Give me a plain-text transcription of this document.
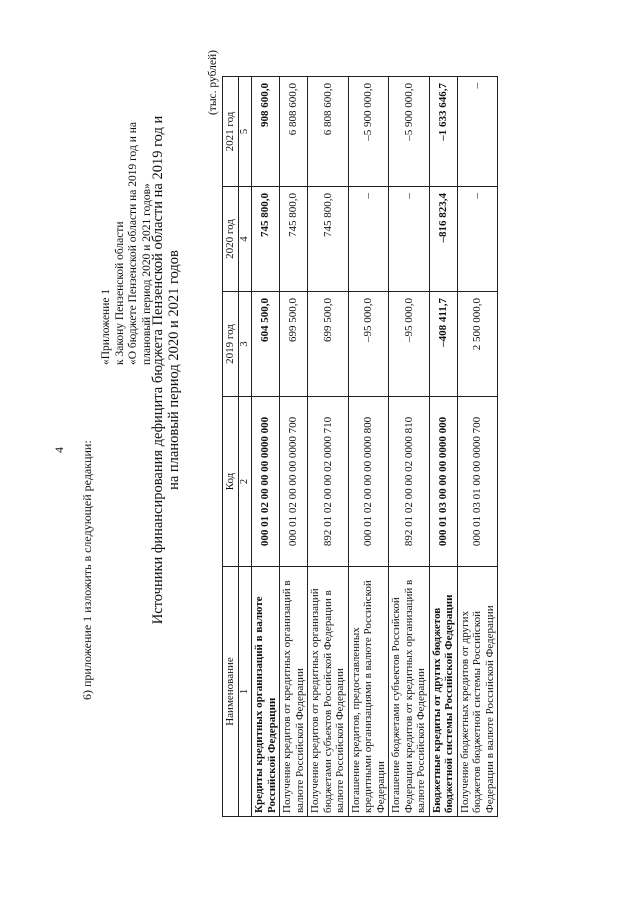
4 6) приложение 1 изложить в следующей редакции:
«Приложение 1 к Закону Пензенской области «О бюджете Пензенской области на 2019 год и на плановый период 2020 и 2021 годов»
Источники финансирования дефицита бюджета Пензенской области на 2019 год и на плановый период 2020 и 2021 годов
(тыс. рублей)
Наименование	Код	2019 год	2020 год	2021 год
1	2	3	4	5
Кредиты кредитных организаций в валюте Российской Федерации	000 01 02 00 00 00 0000 000	604 500,0	745 800,0	908 600,0
Получение кредитов от кредитных организаций в валюте Российской Федерации	000 01 02 00 00 00 0000 700	699 500,0	745 800,0	6 808 600,0
Получение кредитов от кредитных организаций бюджетами субъектов Российской Федерации в валюте Российской Федерации	892 01 02 00 00 02 0000 710	699 500,0	745 800,0	6 808 600,0
Погашение кредитов, предоставленных кредитными организациями в валюте Российской Федерации	000 01 02 00 00 00 0000 800	–95 000,0	–	–5 900 000,0
Погашение бюджетами субъектов Российской Федерации кредитов от кредитных организаций в валюте Российской Федерации	892 01 02 00 00 02 0000 810	–95 000,0	–	–5 900 000,0
Бюджетные кредиты от других бюджетов бюджетной системы Российской Федерации	000 01 03 00 00 00 0000 000	–408 411,7	–816 823,4	–1 633 646,7
Получение бюджетных кредитов от других бюджетов бюджетной системы Российской Федерации в валюте Российской Федерации	000 01 03 01 00 00 0000 700	2 500 000,0	–	–
